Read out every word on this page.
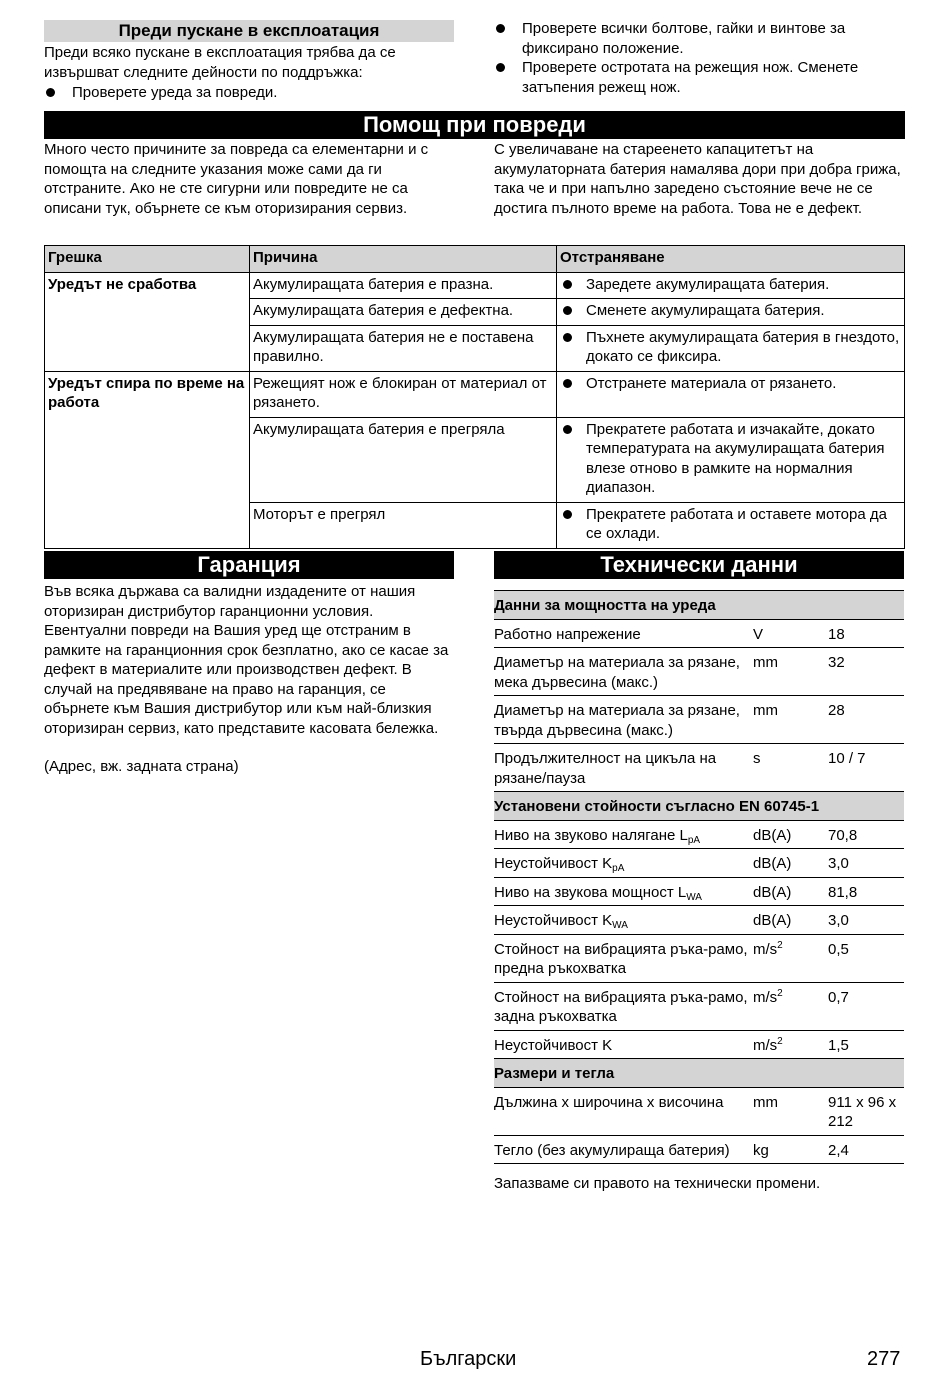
Преди пускане в експлоатация

Преди всяко пускане в експлоатация трябва да се извършват следните дейности по поддръжка:

Проверете уреда за повреди.
Проверете всички болтове, гайки и винтове за фиксирано положение.
Проверете остротата на режещия нож. Сменете затъпения режещ нож.
Помощ при повреди

Много често причините за повреда са елементарни и с помощта на следните указания може сами да ги отстраните. Ако не сте сигурни или повредите не са описани тук, обърнете се към оторизирания сервиз.

С увеличаване на стареенето капацитетът на акумулаторната батерия намалява дори при добра грижа, така че и при напълно заредено състояние вече не се достига пълното време на работа. Това не е дефект.

Грешка	Причина	Отстраняване
Уредът не сработва	Акумулиращата батерия е празна.	Заредете акумулиращата батерия.

	Акумулиращата батерия е дефектна.	Сменете акумулиращата батерия.

	Акумулиращата батерия не е поставена правилно.	Пъхнете акумулиращата батерия в гнездото, докато се фиксира.

Уредът спира по време на работа	Режещият нож е блокиран от материал от рязането.	Отстранете материала от рязането.

	Акумулиращата батерия е прегряла	Прекратете работата и изчакайте, докато температурата на акумулиращата батерия влезе отново в рамките на нормалния диапазон.

	Моторът е прегрял	Прекратете работата и оставете мотора да се охлади.
Гаранция

Във всяка държава са валидни издадените от нашия оторизиран дистрибутор гаранционни условия. Евентуални повреди на Вашия уред ще отстраним в рамките на гаранционния срок безплатно, ако се касае за дефект в материалите или производствен дефект. В случай на предявяване на право на гаранция, се обърнете към Вашия дистрибутор или към най-близкия оторизиран сервиз, като представите касовата бележка.

(Адрес, вж. задната страна)

Технически данни
Данни за мощността на уреда		
Работно напрежение	V	18
Диаметър на материала за рязане, мека дървесина (макс.)	mm	32
Диаметър на материала за рязане, твърда дървесина (макс.)	mm	28
Продължителност на цикъла на рязане/пауза	s	10 / 7
Установени стойности съгласно EN 60745-1		
Ниво на звуково налягане $L_{pA}$	dB(A)	70,8
Неустойчивост $K_{pA}$	dB(A)	3,0
Ниво на звукова мощност $L_{WA}$	dB(A)	81,8
Неустойчивост $K_{WA}$	dB(A)	3,0
Стойност на вибрацията ръка-рамо, предна ръкохватка	$m/s^2$	0,5
Стойност на вибрацията ръка-рамо, задна ръкохватка	$m/s^2$	0,7
Неустойчивост K	$m/s^2$	1,5
Размери и тегла		
Дължина x широчина x височина	mm	911 x 96 x 212
Тегло (без акумулираща батерия)	kg	2,4

Запазваме си правото на технически промени.

Български	277
